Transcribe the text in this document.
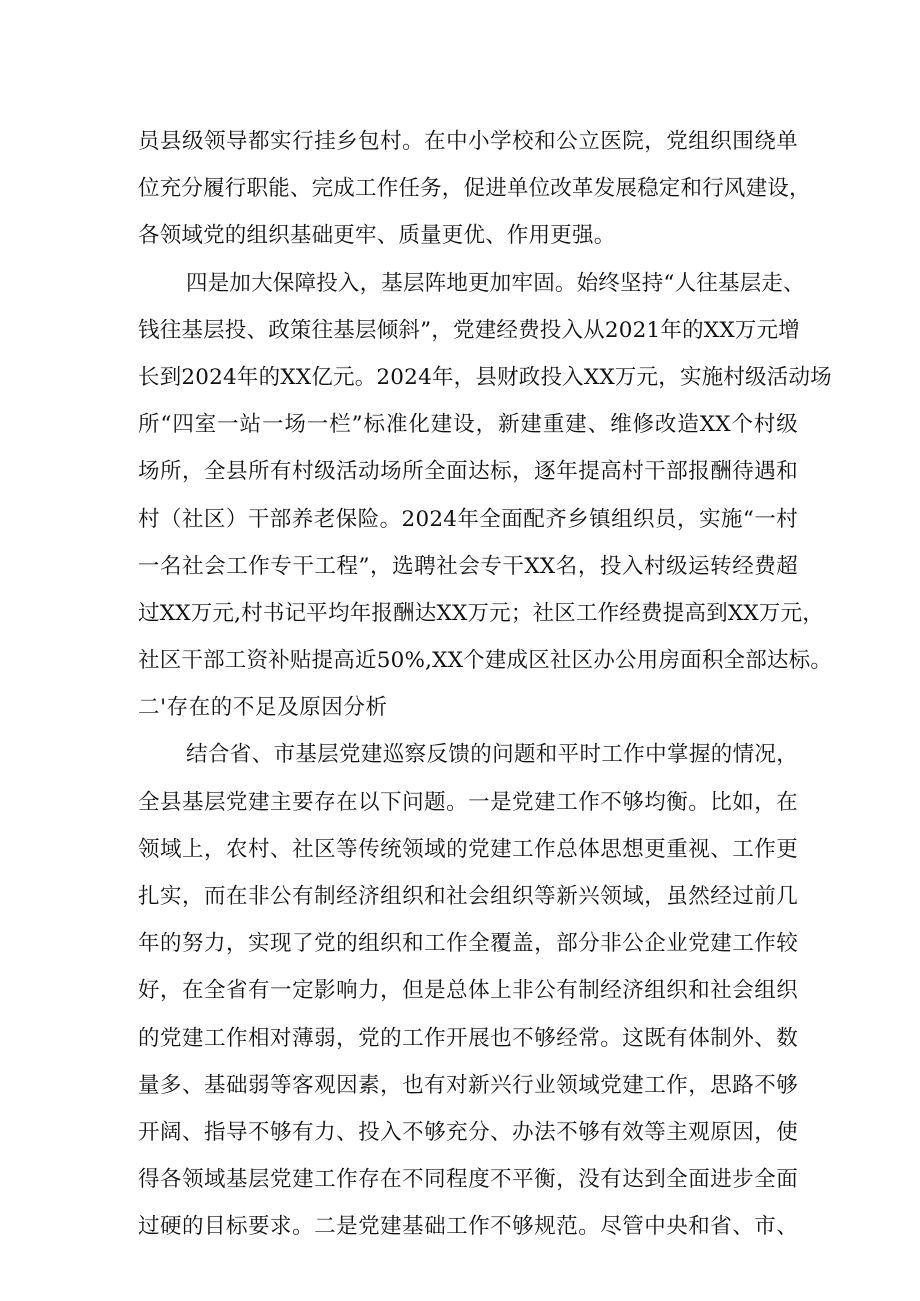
员县级领导都实行挂乡包村。在中小学校和公立医院，党组织围绕单
位充分履行职能、完成工作任务，促进单位改革发展稳定和行风建设，
各领域党的组织基础更牢、质量更优、作用更强。
四是加大保障投入，基层阵地更加牢固。始终坚持“人往基层走、
钱往基层投、政策往基层倾斜”，党建经费投入从2021年的XX万元增
长到2024年的XX亿元。2024年，县财政投入XX万元，实施村级活动场
所“四室一站一场一栏”标准化建设，新建重建、维修改造XX个村级
场所，全县所有村级活动场所全面达标，逐年提高村干部报酬待遇和
村（社区）干部养老保险。2024年全面配齐乡镇组织员，实施“一村
一名社会工作专干工程”，选聘社会专干XX名，投入村级运转经费超
过XX万元,村书记平均年报酬达XX万元；社区工作经费提高到XX万元，
社区干部工资补贴提高近50%,XX个建成区社区办公用房面积全部达标。
二'存在的不足及原因分析
结合省、市基层党建巡察反馈的问题和平时工作中掌握的情况，
全县基层党建主要存在以下问题。一是党建工作不够均衡。比如，在
领域上，农村、社区等传统领域的党建工作总体思想更重视、工作更
扎实，而在非公有制经济组织和社会组织等新兴领域，虽然经过前几
年的努力，实现了党的组织和工作全覆盖，部分非公企业党建工作较
好，在全省有一定影响力，但是总体上非公有制经济组织和社会组织
的党建工作相对薄弱，党的工作开展也不够经常。这既有体制外、数
量多、基础弱等客观因素，也有对新兴行业领域党建工作，思路不够
开阔、指导不够有力、投入不够充分、办法不够有效等主观原因，使
得各领域基层党建工作存在不同程度不平衡，没有达到全面进步全面
过硬的目标要求。二是党建基础工作不够规范。尽管中央和省、市、
